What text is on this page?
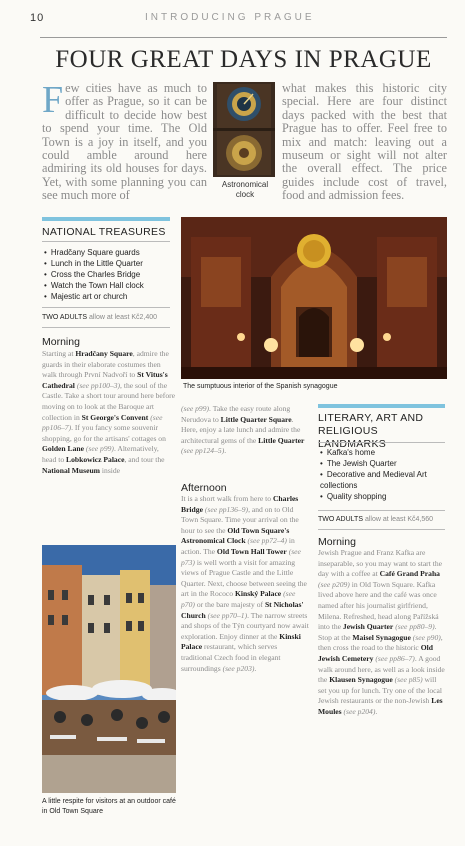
10	INTRODUCING PRAGUE
FOUR GREAT DAYS IN PRAGUE
Few cities have as much to offer as Prague, so it can be difficult to decide how best to spend your time. The Old Town is a joy in itself, and you could amble around here admiring its old houses for days. Yet, with some planning you can see much more of
Astronomical clock
what makes this historic city special. Here are four distinct days packed with the best that Prague has to offer. Feel free to mix and match: leaving out a museum or sight will not alter the overall effect. The price guides include cost of travel, food and admission fees.
NATIONAL TREASURES
• Hradčany Square guards
• Lunch in the Little Quarter
• Cross the Charles Bridge
• Watch the Town Hall clock
• Majestic art or church
TWO ADULTS allow at least Kč2,400
Morning

Starting at Hradčany Square, admire the guards in their elaborate costumes then walk through První Nadvoří to St Vitus's Cathedral (see pp100–3), the soul of the Castle. Take a short tour around here before moving on to look at the Baroque art collection in St George's Convent (see pp106–7). If you fancy some souvenir shopping, go for the artisans' cottages on Golden Lane (see p99). Alternatively, head to Lobkowicz Palace, and tour the National Museum inside

The sumptuous interior of the Spanish synagogue

(see p99). Take the easy route along Nerudova to Little Quarter Square. Here, enjoy a late lunch and admire the architectural gems of the Little Quarter (see pp124–5).

Afternoon

It is a short walk from here to Charles Bridge (see pp136–9), and on to Old Town Square. Time your arrival on the hour to see the Old Town Square's Astronomical Clock (see pp72–4) in action. The Old Town Hall Tower (see p73) is well worth a visit for amazing views of Prague Castle and the Little Quarter. Next, choose between seeing the art in the Rococo Kinský Palace (see p70) or the bare majesty of St Nicholas' Church (see pp70–1). The narrow streets and shops of the Týn courtyard now await exploration. Enjoy dinner at the Kinski Palace restaurant, which serves traditional Czech food in elegant surroundings (see p203).

A little respite for visitors at an outdoor café in Old Town Square
LITERARY, ART AND RELIGIOUS LANDMARKS
• Kafka's home
• The Jewish Quarter
• Decorative and Medieval Art collections
• Quality shopping
TWO ADULTS allow at least Kč4,560
Morning

Jewish Prague and Franz Kafka are inseparable, so you may want to start the day with a coffee at Café Grand Praha (see p209) in Old Town Square. Kafka lived above here and the café was once named after his journalist girlfriend, Milena. Refreshed, head along Pařížská into the Jewish Quarter (see pp80–9). Stop at the Maisel Synagogue (see p90), then cross the road to the historic Old Jewish Cemetery (see pp86–7). A good walk around here, as well as a look inside the Klausen Synagogue (see p85) will set you up for lunch. Try one of the local Jewish restaurants or the non-Jewish Les Moules (see p204).
